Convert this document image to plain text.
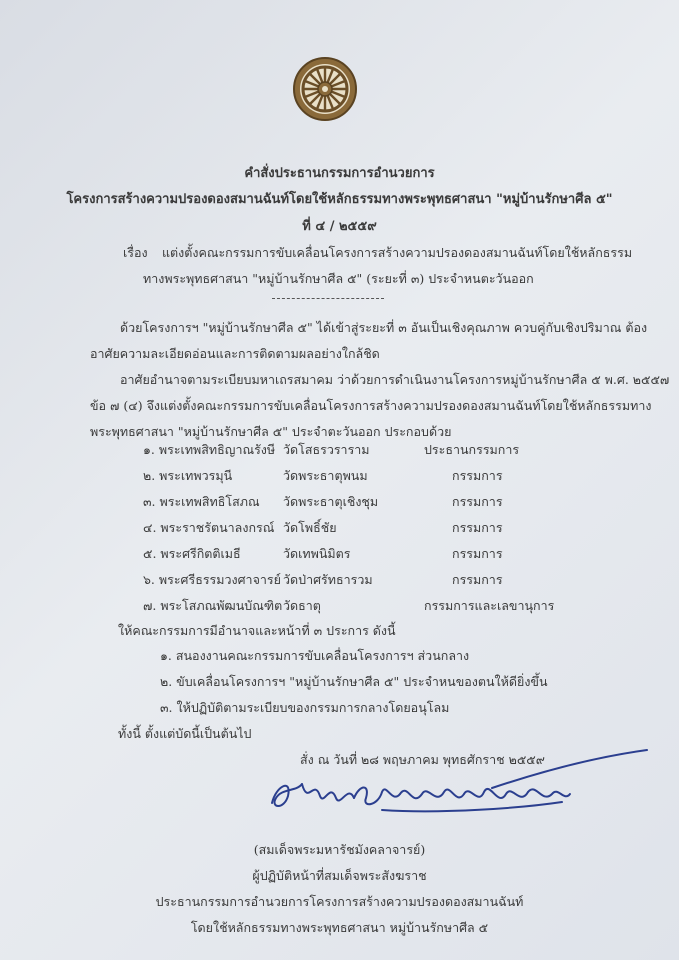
คำสั่งประธานกรรมการอำนวยการ
โครงการสร้างความปรองดองสมานฉันท์โดยใช้หลักธรรมทางพระพุทธศาสนา "หมู่บ้านรักษาศีล ๕"
ที่ ๔ / ๒๕๕๙
เรื่อง แต่งตั้งคณะกรรมการขับเคลื่อนโครงการสร้างความปรองดองสมานฉันท์โดยใช้หลักธรรม
ทางพระพุทธศาสนา "หมู่บ้านรักษาศีล ๕" (ระยะที่ ๓) ประจำหนตะวันออก
ด้วยโครงการฯ "หมู่บ้านรักษาศีล ๕" ได้เข้าสู่ระยะที่ ๓ อันเป็นเชิงคุณภาพ ควบคู่กับเชิงปริมาณ ต้อง
อาศัยความละเอียดอ่อนและการติดตามผลอย่างใกล้ชิด
อาศัยอำนาจตามระเบียบมหาเถรสมาคม ว่าด้วยการดำเนินงานโครงการหมู่บ้านรักษาศีล ๕ พ.ศ. ๒๕๕๗
ข้อ ๗ (๔) จึงแต่งตั้งคณะกรรมการขับเคลื่อนโครงการสร้างความปรองดองสมานฉันท์โดยใช้หลักธรรมทาง
พระพุทธศาสนา "หมู่บ้านรักษาศีล ๕" ประจำตะวันออก ประกอบด้วย
๑. พระเทพสิทธิญาณรังษี วัดโสธรวราราม	ประธานกรรมการ
๒. พระเทพวรมุนี	วัดพระธาตุพนม	กรรมการ
๓. พระเทพสิทธิโสภณ วัดพระธาตุเชิงชุม	กรรมการ
๔. พระราชรัตนาลงกรณ์ วัดโพธิ์ชัย	กรรมการ
๕. พระศรีกิตติเมธี	วัดเทพนิมิตร	กรรมการ
๖. พระศรีธรรมวงศาจารย์ วัดป่าศรัทธารวม	กรรมการ
๗. พระโสภณพัฒนบัณฑิต วัดธาตุ	กรรมการและเลขานุการ
ให้คณะกรรมการมีอำนาจและหน้าที่ ๓ ประการ ดังนี้
๑. สนองงานคณะกรรมการขับเคลื่อนโครงการฯ ส่วนกลาง
๒. ขับเคลื่อนโครงการฯ "หมู่บ้านรักษาศีล ๕" ประจำหนของตนให้ดียิ่งขึ้น
๓. ให้ปฏิบัติตามระเบียบของกรรมการกลางโดยอนุโลม
ทั้งนี้ ตั้งแต่บัดนี้เป็นต้นไป
สั่ง ณ วันที่ ๒๘ พฤษภาคม พุทธศักราช ๒๕๕๙
(สมเด็จพระมหารัชมังคลาจารย์)
ผู้ปฏิบัติหน้าที่สมเด็จพระสังฆราช
ประธานกรรมการอำนวยการโครงการสร้างความปรองดองสมานฉันท์
โดยใช้หลักธรรมทางพระพุทธศาสนา หมู่บ้านรักษาศีล ๕
